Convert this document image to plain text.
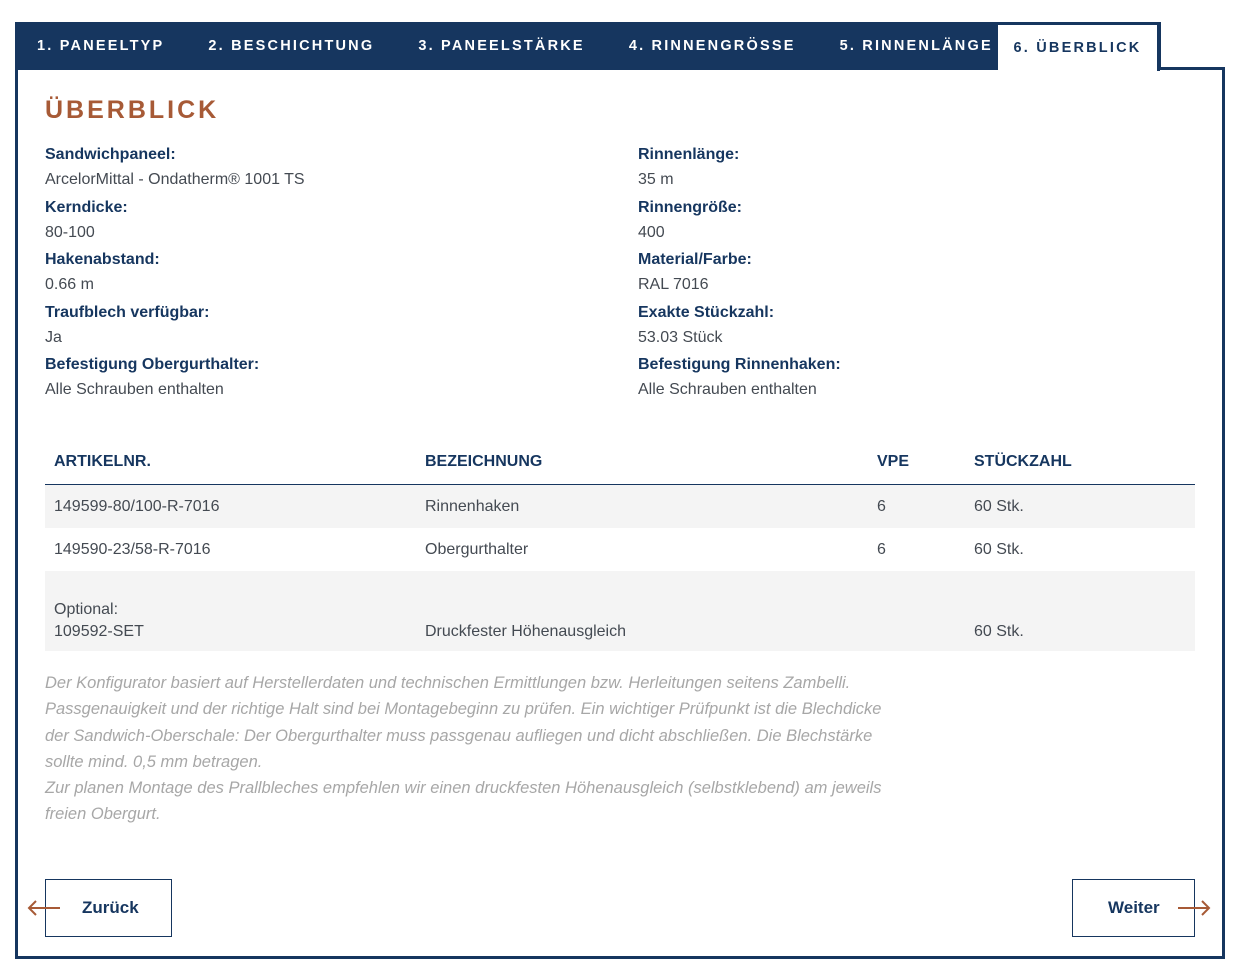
1. PANEELTYP	2. BESCHICHTUNG	3. PANEELSTÄRKE	4. RINNENGRÖSSE	5. RINNENLÄNGE	6. ÜBERBLICK
ÜBERBLICK
Sandwichpaneel:
ArcelorMittal - Ondatherm® 1001 TS
Kerndicke:
80-100
Hakenabstand:
0.66 m
Traufblech verfügbar:
Ja
Befestigung Obergurthalter:
Alle Schrauben enthalten
Rinnenlänge:
35 m
Rinnengröße:
400
Material/Farbe:
RAL 7016
Exakte Stückzahl:
53.03 Stück
Befestigung Rinnenhaken:
Alle Schrauben enthalten
ARTIKELNR.	BEZEICHNUNG	VPE	STÜCKZAHL
149599-80/100-R-7016	Rinnenhaken	6	60 Stk.
149590-23/58-R-7016	Obergurthalter	6	60 Stk.

Optional:
109592-SET	Druckfester Höhenausgleich		60 Stk.
Der Konfigurator basiert auf Herstellerdaten und technischen Ermittlungen bzw. Herleitungen seitens Zambelli.
Passgenauigkeit und der richtige Halt sind bei Montagebeginn zu prüfen. Ein wichtiger Prüfpunkt ist die Blechdicke
der Sandwich-Oberschale: Der Obergurthalter muss passgenau aufliegen und dicht abschließen. Die Blechstärke
sollte mind. 0,5 mm betragen.
Zur planen Montage des Prallbleches empfehlen wir einen druckfesten Höhenausgleich (selbstklebend) am jeweils
freien Obergurt.
Zurück	Weiter
